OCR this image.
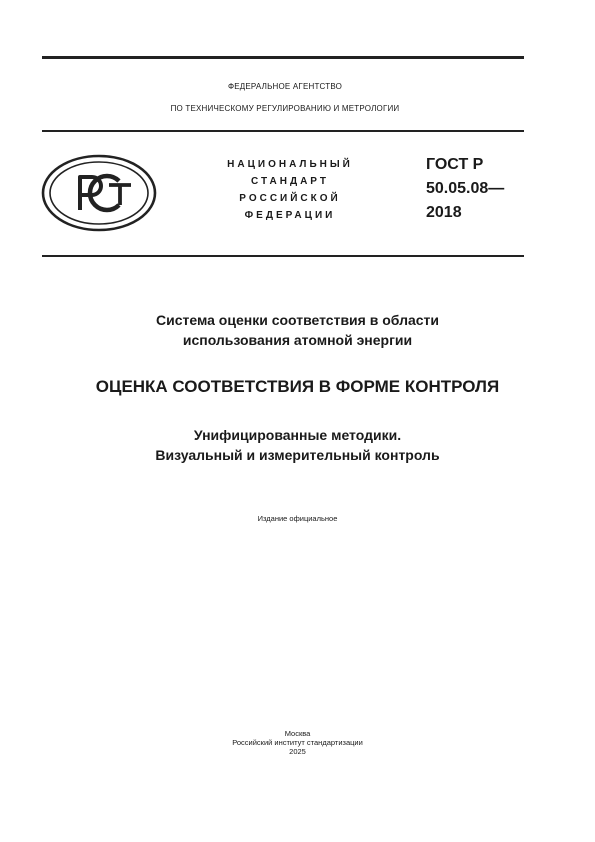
ФЕДЕРАЛЬНОЕ АГЕНТСТВО
ПО ТЕХНИЧЕСКОМУ РЕГУЛИРОВАНИЮ И МЕТРОЛОГИИ
НАЦИОНАЛЬНЫЙ
СТАНДАРТ
РОССИЙСКОЙ
ФЕДЕРАЦИИ
ГОСТ Р
50.05.08—
2018
Система оценки соответствия в области
использования атомной энергии
ОЦЕНКА СООТВЕТСТВИЯ В ФОРМЕ КОНТРОЛЯ
Унифицированные методики.
Визуальный и измерительный контроль
Издание официальное
Москва
Российский институт стандартизации
2025
